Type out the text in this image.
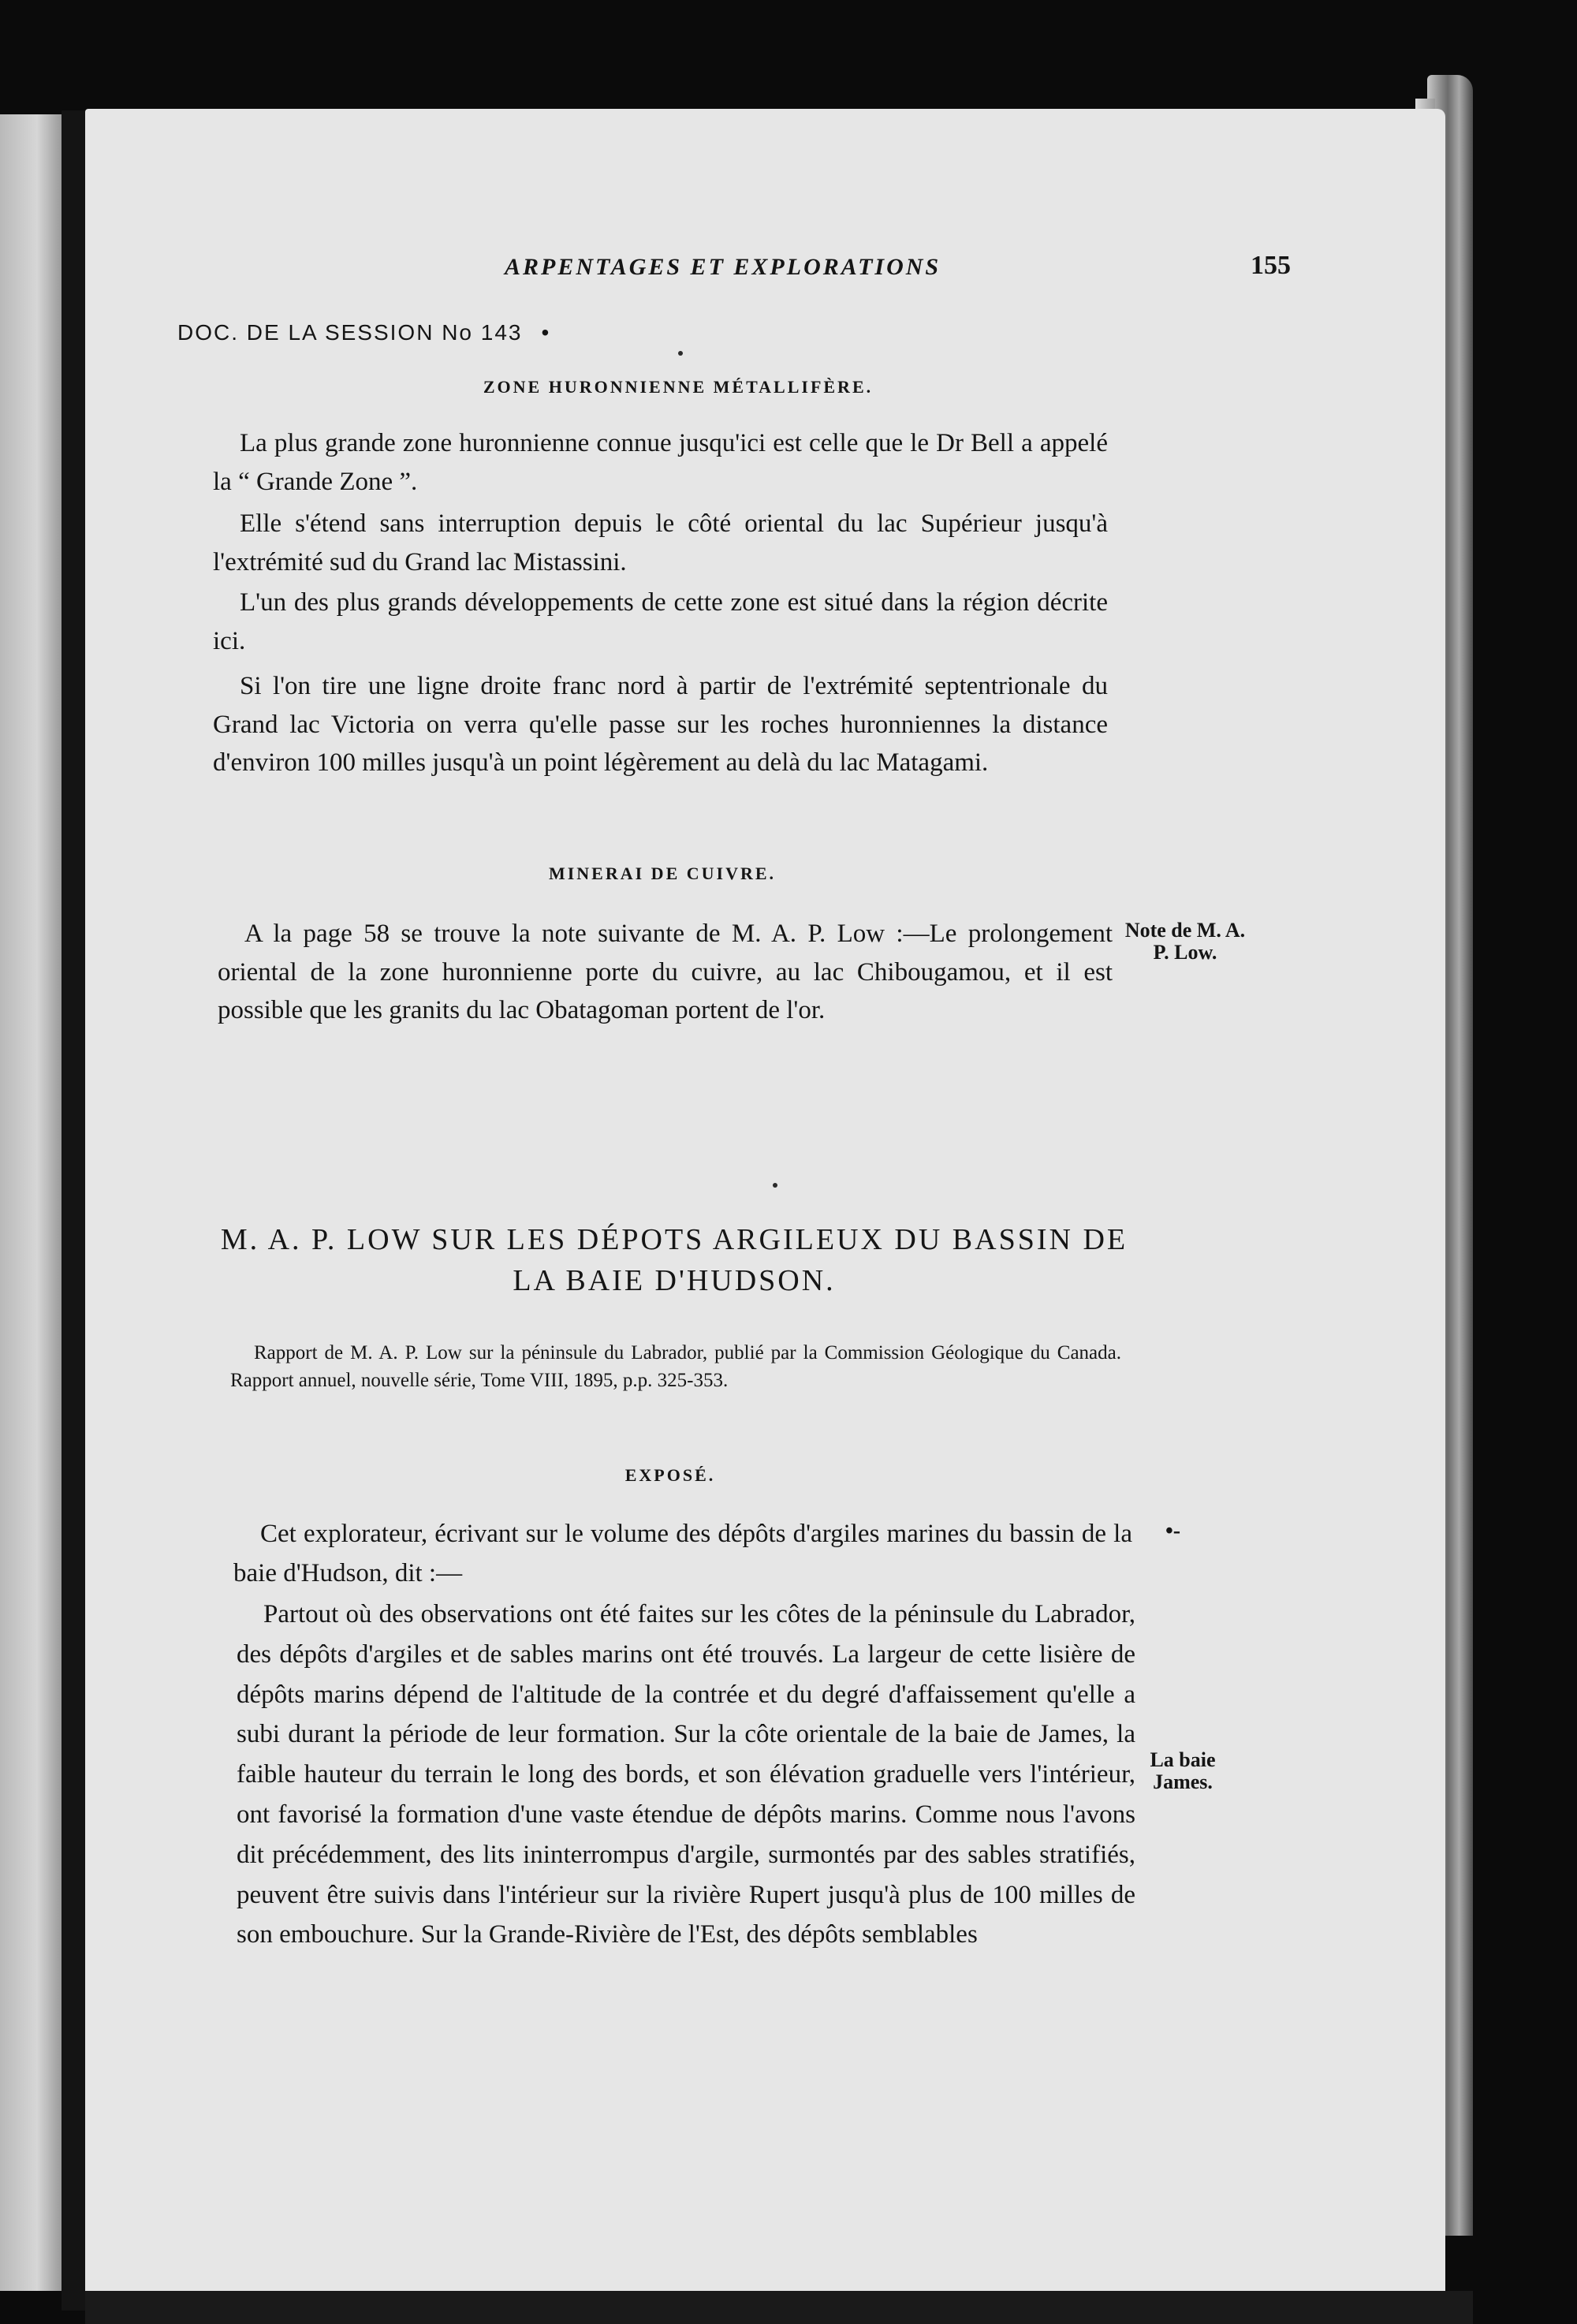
ARPENTAGES ET EXPLORATIONS	155
DOC. DE LA SESSION No 143 •
ZONE HURONNIENNE MÉTALLIFÈRE.

La plus grande zone huronnienne connue jusqu'ici est celle que le Dr Bell a appelé la “ Grande Zone ”.

Elle s'étend sans interruption depuis le côté oriental du lac Supérieur jusqu'à l'extrémité sud du Grand lac Mistassini.

L'un des plus grands développements de cette zone est situé dans la région décrite ici.

Si l'on tire une ligne droite franc nord à partir de l'extrémité septentrionale du Grand lac Victoria on verra qu'elle passe sur les roches huronniennes la distance d'environ 100 milles jusqu'à un point légèrement au delà du lac Matagami.

MINERAI DE CUIVRE.

A la page 58 se trouve la note suivante de M. A. P. Low :—Le prolongement oriental de la zone huronnienne porte du cuivre, au lac Chibougamou, et il est possible que les granits du lac Obatagoman portent de l'or.

Note de M. A. P. Low.
M. A. P. LOW SUR LES DÉPOTS ARGILEUX DU BASSIN DE LA BAIE D'HUDSON.

Rapport de M. A. P. Low sur la péninsule du Labrador, publié par la Commission Géologique du Canada. Rapport annuel, nouvelle série, Tome VIII, 1895, p.p. 325-353.

EXPOSÉ.

Cet explorateur, écrivant sur le volume des dépôts d'argiles marines du bassin de la baie d'Hudson, dit :—

•-

Partout où des observations ont été faites sur les côtes de la péninsule du Labrador, des dépôts d'argiles et de sables marins ont été trouvés. La largeur de cette lisière de dépôts marins dépend de l'altitude de la contrée et du degré d'affaissement qu'elle a subi durant la période de leur formation. Sur la côte orientale de la baie de James, la faible hauteur du terrain le long des bords, et son élévation graduelle vers l'intérieur, ont favorisé la formation d'une vaste étendue de dépôts marins. Comme nous l'avons dit précédemment, des lits ininterrompus d'argile, surmontés par des sables stratifiés, peuvent être suivis dans l'intérieur sur la rivière Rupert jusqu'à plus de 100 milles de son embouchure. Sur la Grande-Rivière de l'Est, des dépôts semblables

La baie James.
